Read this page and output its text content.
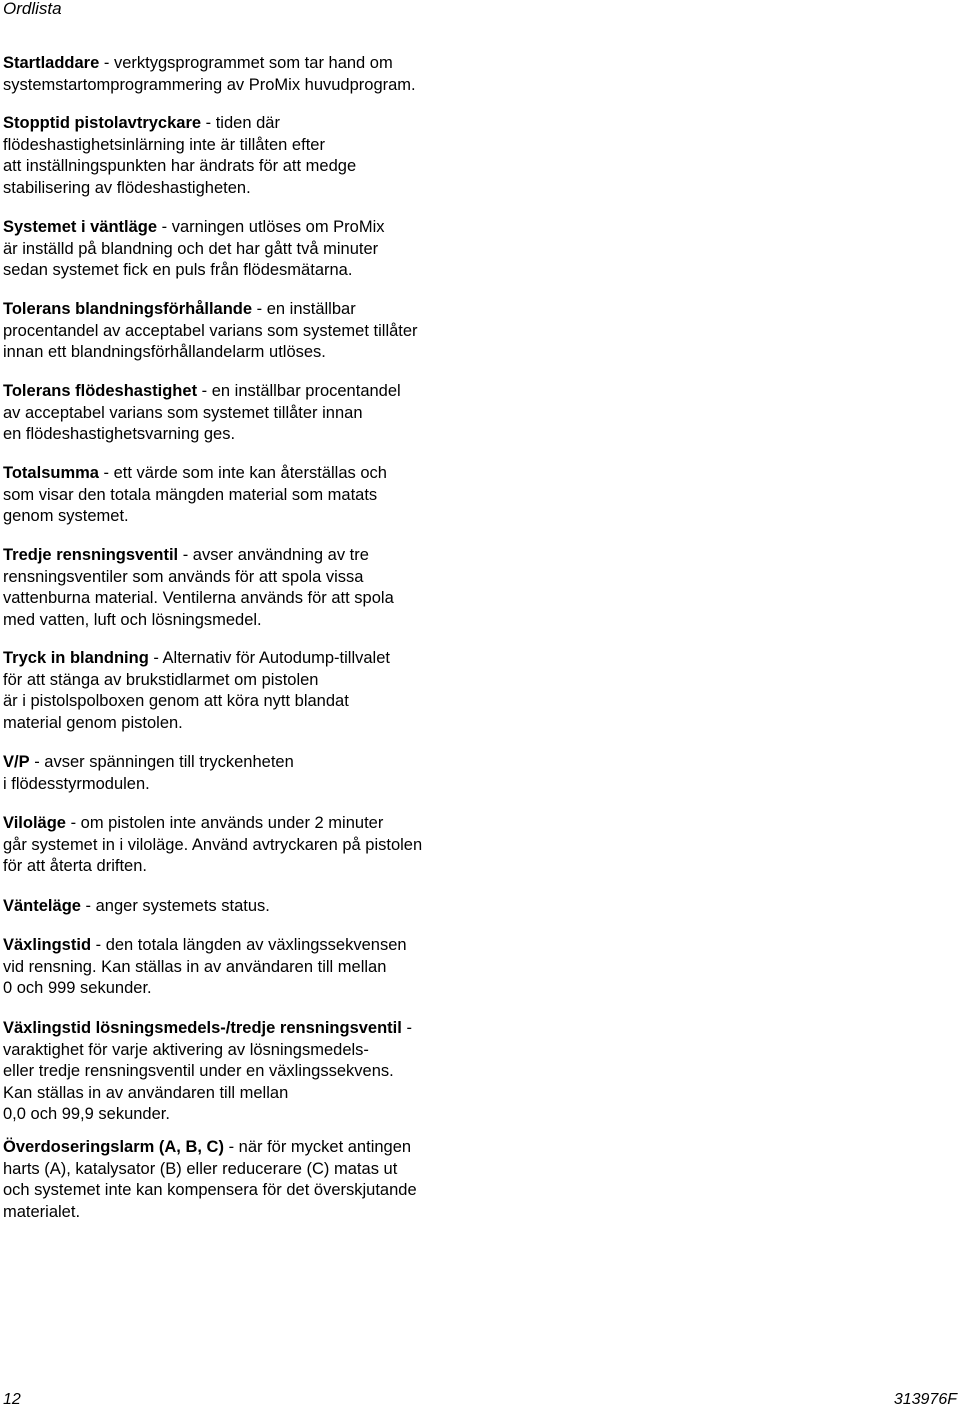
Ordlista

Startladdare - verktygsprogrammet som tar hand om
systemstartomprogrammering av ProMix huvudprogram.

Stopptid pistolavtryckare - tiden där
flödeshastighetsinlärning inte är tillåten efter
att inställningspunkten har ändrats för att medge
stabilisering av flödeshastigheten.

Systemet i väntläge - varningen utlöses om ProMix
är inställd på blandning och det har gått två minuter
sedan systemet fick en puls från flödesmätarna.

Tolerans blandningsförhållande - en inställbar
procentandel av acceptabel varians som systemet tillåter
innan ett blandningsförhållandelarm utlöses.

Tolerans flödeshastighet - en inställbar procentandel
av acceptabel varians som systemet tillåter innan
en flödeshastighetsvarning ges.

Totalsumma - ett värde som inte kan återställas och
som visar den totala mängden material som matats
genom systemet.

Tredje rensningsventil - avser användning av tre
rensningsventiler som används för att spola vissa
vattenburna material. Ventilerna används för att spola
med vatten, luft och lösningsmedel.

Tryck in blandning - Alternativ för Autodump-tillvalet
för att stänga av brukstidlarmet om pistolen
är i pistolspolboxen genom att köra nytt blandat
material genom pistolen.

V/P - avser spänningen till tryckenheten
i flödesstyrmodulen.

Viloläge - om pistolen inte används under 2 minuter
går systemet in i viloläge. Använd avtryckaren på pistolen
för att återta driften.

Vänteläge - anger systemets status.

Växlingstid - den totala längden av växlingssekvensen
vid rensning. Kan ställas in av användaren till mellan
0 och 999 sekunder.

Växlingstid lösningsmedels-/tredje rensningsventil -
varaktighet för varje aktivering av lösningsmedels-
eller tredje rensningsventil under en växlingssekvens.
Kan ställas in av användaren till mellan
0,0 och 99,9 sekunder.

Överdoseringslarm (A, B, C) - när för mycket antingen
harts (A), katalysator (B) eller reducerare (C) matas ut
och systemet inte kan kompensera för det överskjutande
materialet.

12	313976F
